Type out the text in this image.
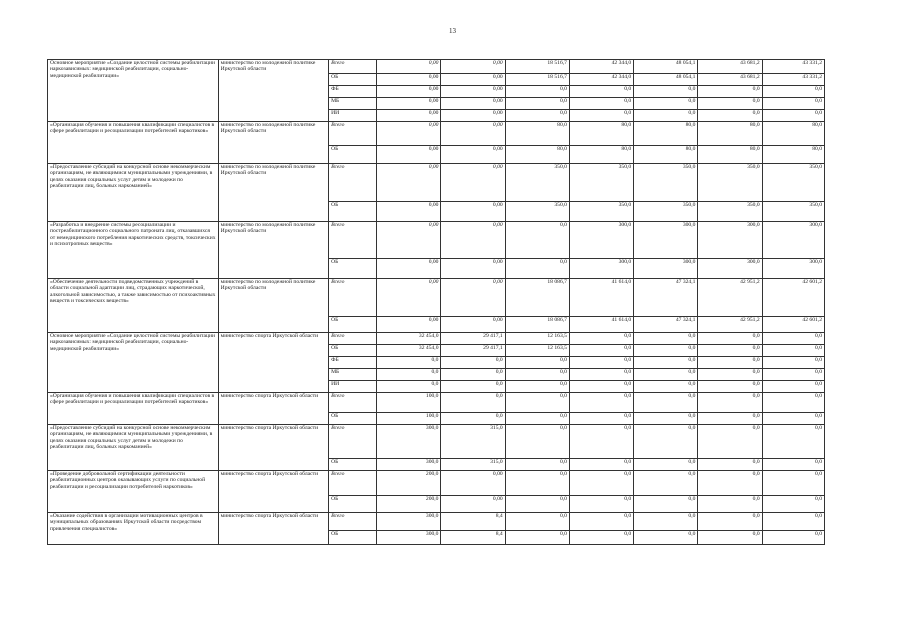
13
Основное мероприятие «Создание целостной системы реабилитации наркозависимых: медицинской реабилитации, социально-медицинской реабилитации»	министерство по молодежной политике Иркутской области	Всего	0,00	0,00	18 516,7	42 344,0	48 054,1	43 681,2	43 331,2
		ОБ	0,00	0,00	18 516,7	42 344,0	48 054,1	43 681,2	43 331,2
		ФБ	0,00	0,00	0,0	0,0	0,0	0,0	0,0
		МБ	0,00	0,00	0,0	0,0	0,0	0,0	0,0
		ИИ	0,00	0,00	0,0	0,0	0,0	0,0	0,0
«Организация обучения и повышения квалификации специалистов в сфере реабилитации и ресоциализации потребителей наркотиков»	министерство по молодежной политике Иркутской области	Всего	0,00	0,00	80,0	80,0	80,0	80,0	80,0
		ОБ	0,00	0,00	80,0	80,0	80,0	80,0	80,0
«Предоставление субсидий на конкурсной основе некоммерческим организациям, не являющимися муниципальными учреждениями, в целях оказания социальных услуг детям и молодежи по реабилитации лиц, больных наркоманией»	министерство по молодежной политике Иркутской области	Всего	0,00	0,00	350,0	350,0	350,0	350,0	350,0
		ОБ	0,00	0,00	350,0	350,0	350,0	350,0	350,0
«Разработка и внедрение системы ресоциализации и постреабилитационного социального патроната лиц, отказавшихся от немедицинского потребления наркотических средств, токсических и психотропных веществ»	министерство по молодежной политике Иркутской области	Всего	0,00	0,00	0,0	300,0	300,0	300,0	300,0
		ОБ	0,00	0,00	0,0	300,0	300,0	300,0	300,0
«Обеспечение деятельности подведомственных учреждений в области социальной адаптации лиц, страдающих наркотической, алкогольной зависимостью, а также зависимостью от психоактивных веществ и токсических веществ»	министерство по молодежной политике Иркутской области	Всего	0,00	0,00	18 086,7	41 614,0	47 324,1	42 951,2	42 601,2
		ОБ	0,00	0,00	18 086,7	41 614,0	47 324,1	42 951,2	42 601,2
Основное мероприятие «Создание целостной системы реабилитации наркозависимых: медицинской реабилитации, социально-медицинской реабилитации»	министерство спорта Иркутской области	Всего	32 454,0	29 417,1	12 163,5	0,0	0,0	0,0	0,0
		ОБ	32 454,0	29 417,1	12 163,5	0,0	0,0	0,0	0,0
		ФБ	0,0	0,0	0,0	0,0	0,0	0,0	0,0
		МБ	0,0	0,0	0,0	0,0	0,0	0,0	0,0
		ИИ	0,0	0,0	0,0	0,0	0,0	0,0	0,0
«Организация обучения и повышения квалификации специалистов в сфере реабилитации и ресоциализации потребителей наркотиков»	министерство спорта Иркутской области	Всего	100,0	0,0	0,0	0,0	0,0	0,0	0,0
		ОБ	100,0	0,0	0,0	0,0	0,0	0,0	0,0
«Предоставление субсидий на конкурсной основе некоммерческим организациям, не являющимися муниципальными учреждениями, в целях оказания социальных услуг детям и молодежи по реабилитации лиц, больных наркоманией»	министерство спорта Иркутской области	Всего	300,0	315,0	0,0	0,0	0,0	0,0	0,0
		ОБ	300,0	315,0	0,0	0,0	0,0	0,0	0,0
«Проведение добровольной сертификации деятельности реабилитационных центров оказывающих услуги по социальной реабилитации и ресоциализации потребителей наркотиков»	министерство спорта Иркутской области	Всего	200,0	0,00	0,0	0,0	0,0	0,0	0,0
		ОБ	200,0	0,00	0,0	0,0	0,0	0,0	0,0
«Оказание содействия в организации мотивационных центров в муниципальных образованиях Иркутской области посредством привлечения специалистов»	министерство спорта Иркутской области	Всего	300,0	8,4	0,0	0,0	0,0	0,0	0,0
		ОБ	300,0	8,4	0,0	0,0	0,0	0,0	0,0
